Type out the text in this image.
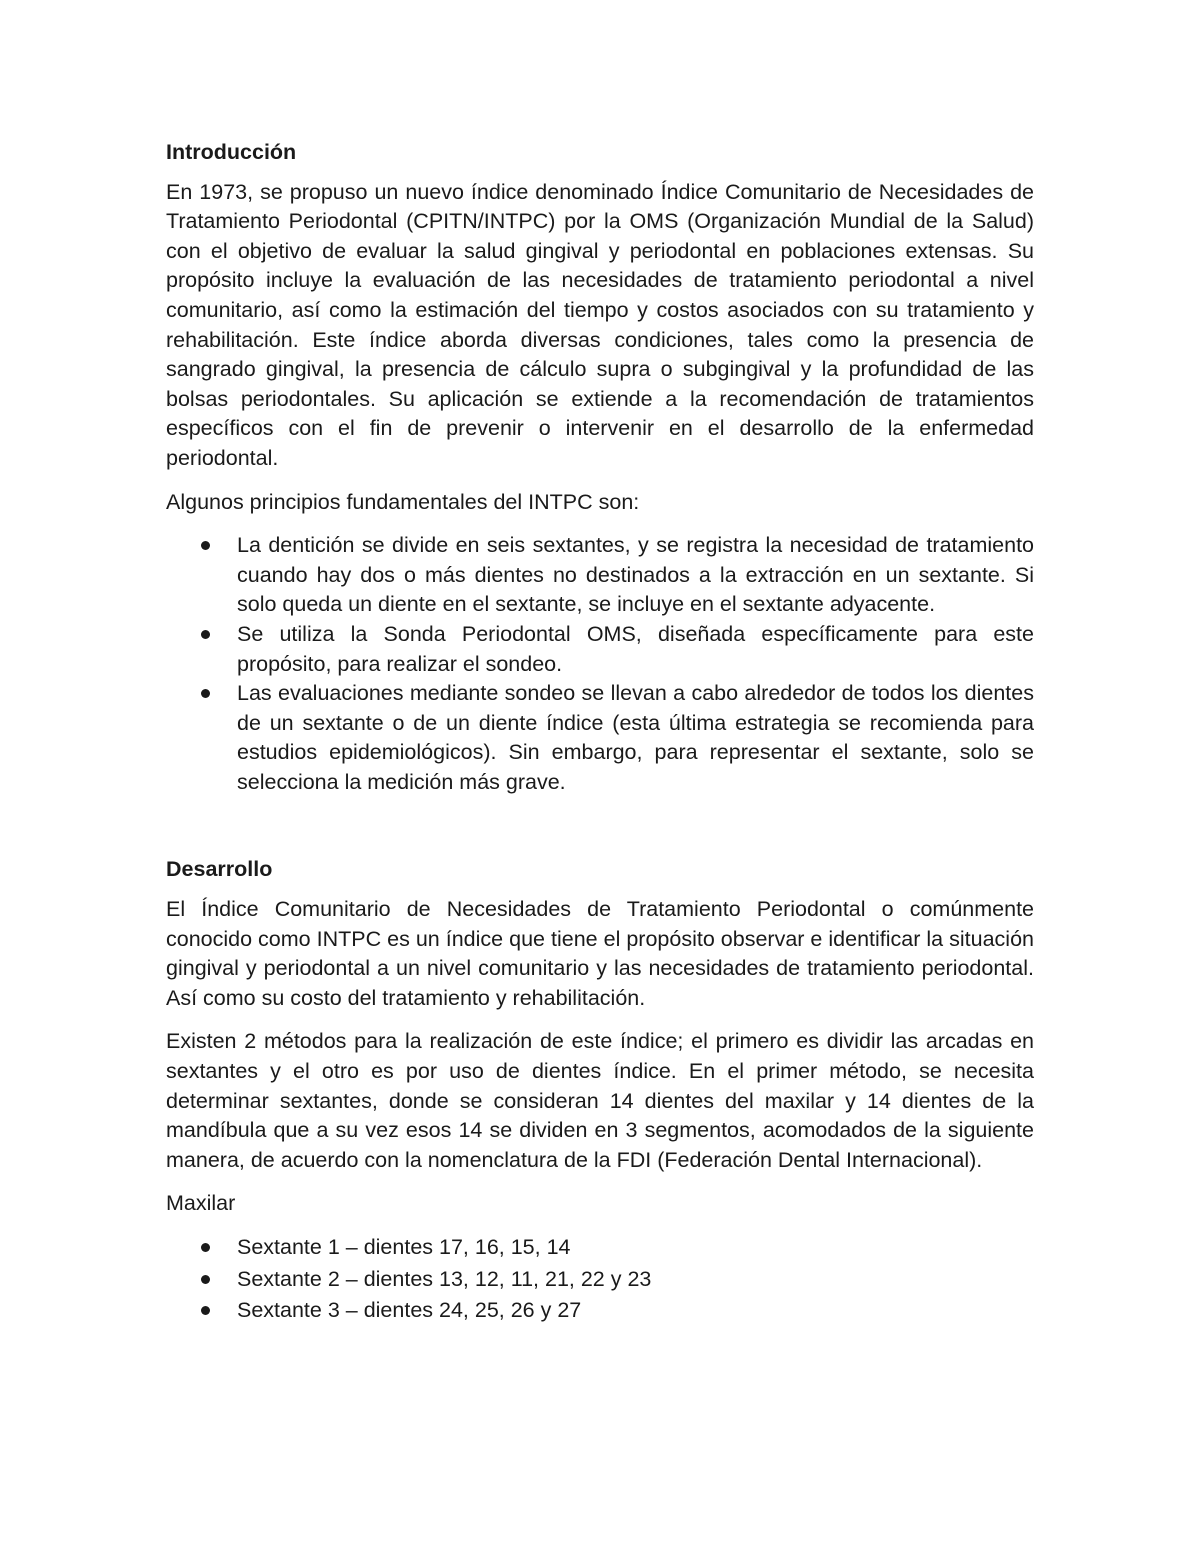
Introducción

En 1973, se propuso un nuevo índice denominado Índice Comunitario de Necesidades de Tratamiento Periodontal (CPITN/INTPC) por la OMS (Organización Mundial de la Salud) con el objetivo de evaluar la salud gingival y periodontal en poblaciones extensas. Su propósito incluye la evaluación de las necesidades de tratamiento periodontal a nivel comunitario, así como la estimación del tiempo y costos asociados con su tratamiento y rehabilitación. Este índice aborda diversas condiciones, tales como la presencia de sangrado gingival, la presencia de cálculo supra o subgingival y la profundidad de las bolsas periodontales. Su aplicación se extiende a la recomendación de tratamientos específicos con el fin de prevenir o intervenir en el desarrollo de la enfermedad periodontal.

Algunos principios fundamentales del INTPC son:

La dentición se divide en seis sextantes, y se registra la necesidad de tratamiento cuando hay dos o más dientes no destinados a la extracción en un sextante. Si solo queda un diente en el sextante, se incluye en el sextante adyacente.
Se utiliza la Sonda Periodontal OMS, diseñada específicamente para este propósito, para realizar el sondeo.
Las evaluaciones mediante sondeo se llevan a cabo alrededor de todos los dientes de un sextante o de un diente índice (esta última estrategia se recomienda para estudios epidemiológicos). Sin embargo, para representar el sextante, solo se selecciona la medición más grave.
Desarrollo

El Índice Comunitario de Necesidades de Tratamiento Periodontal o comúnmente conocido como INTPC es un índice que tiene el propósito observar e identificar la situación gingival y periodontal a un nivel comunitario y las necesidades de tratamiento periodontal. Así como su costo del tratamiento y rehabilitación.

Existen 2 métodos para la realización de este índice; el primero es dividir las arcadas en sextantes y el otro es por uso de dientes índice. En el primer método, se necesita determinar sextantes, donde se consideran 14 dientes del maxilar y 14 dientes de la mandíbula que a su vez esos 14 se dividen en 3 segmentos, acomodados de la siguiente manera, de acuerdo con la nomenclatura de la FDI (Federación Dental Internacional).

Maxilar

Sextante 1 – dientes 17, 16, 15, 14
Sextante 2 – dientes 13, 12, 11, 21, 22 y 23
Sextante 3 – dientes 24, 25, 26 y 27
